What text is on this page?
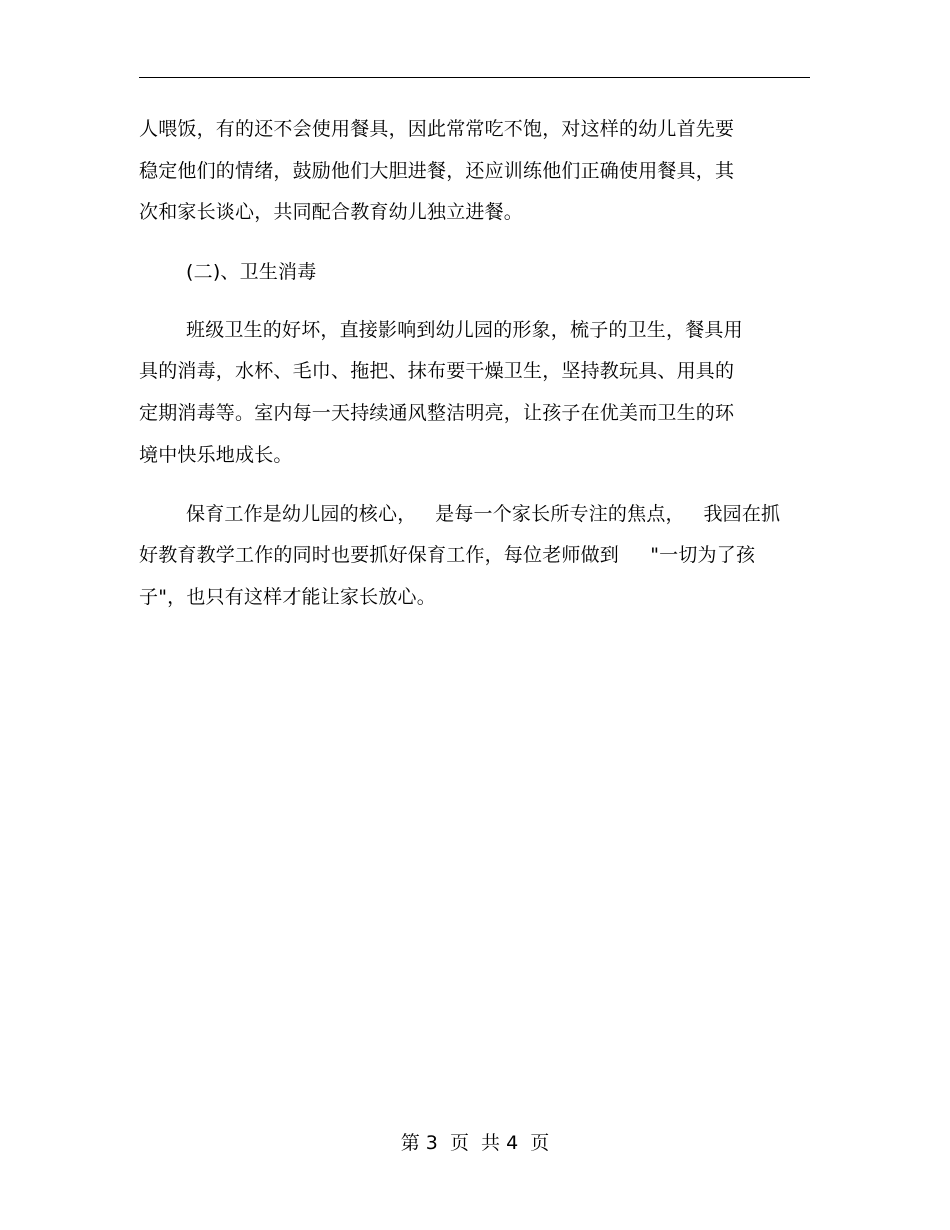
人喂饭，有的还不会使用餐具，因此常常吃不饱，对这样的幼儿首先要
稳定他们的情绪，鼓励他们大胆进餐，还应训练他们正确使用餐具，其
次和家长谈心，共同配合教育幼儿独立进餐。
(二)、卫生消毒
班级卫生的好坏，直接影响到幼儿园的形象，梳子的卫生，餐具用
具的消毒，水杯、毛巾、拖把、抹布要干燥卫生，坚持教玩具、用具的
定期消毒等。室内每一天持续通风整洁明亮，让孩子在优美而卫生的环
境中快乐地成长。
保育工作是幼儿园的核心，   是每一个家长所专注的焦点，   我园在抓
好教育教学工作的同时也要抓好保育工作，每位老师做到     "一切为了孩
子"，也只有这样才能让家长放心。
第 3  页  共 4  页
